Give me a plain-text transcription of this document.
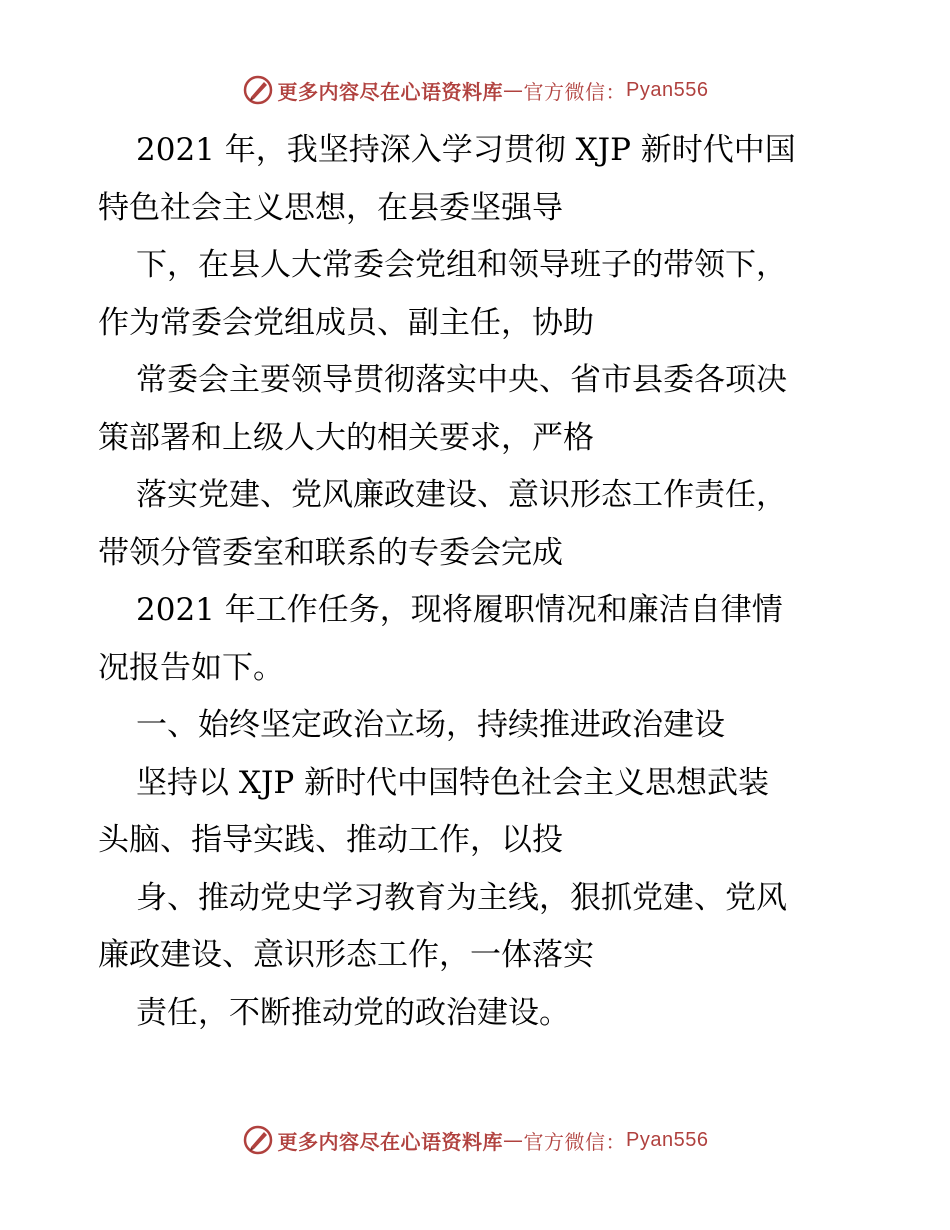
更多内容尽在心语资料库 — 官方微信： Pyan556
2021 年，我坚持深入学习贯彻 XJP 新时代中国
特色社会主义思想，在县委坚强导
下，在县人大常委会党组和领导班子的带领下，
作为常委会党组成员、副主任，协助
常委会主要领导贯彻落实中央、省市县委各项决
策部署和上级人大的相关要求，严格
落实党建、党风廉政建设、意识形态工作责任，
带领分管委室和联系的专委会完成
2021 年工作任务，现将履职情况和廉洁自律情
况报告如下。
一、始终坚定政治立场，持续推进政治建设
坚持以 XJP 新时代中国特色社会主义思想武装
头脑、指导实践、推动工作，以投
身、推动党史学习教育为主线，狠抓党建、党风
廉政建设、意识形态工作，一体落实
责任，不断推动党的政治建设。
更多内容尽在心语资料库 — 官方微信： Pyan556
